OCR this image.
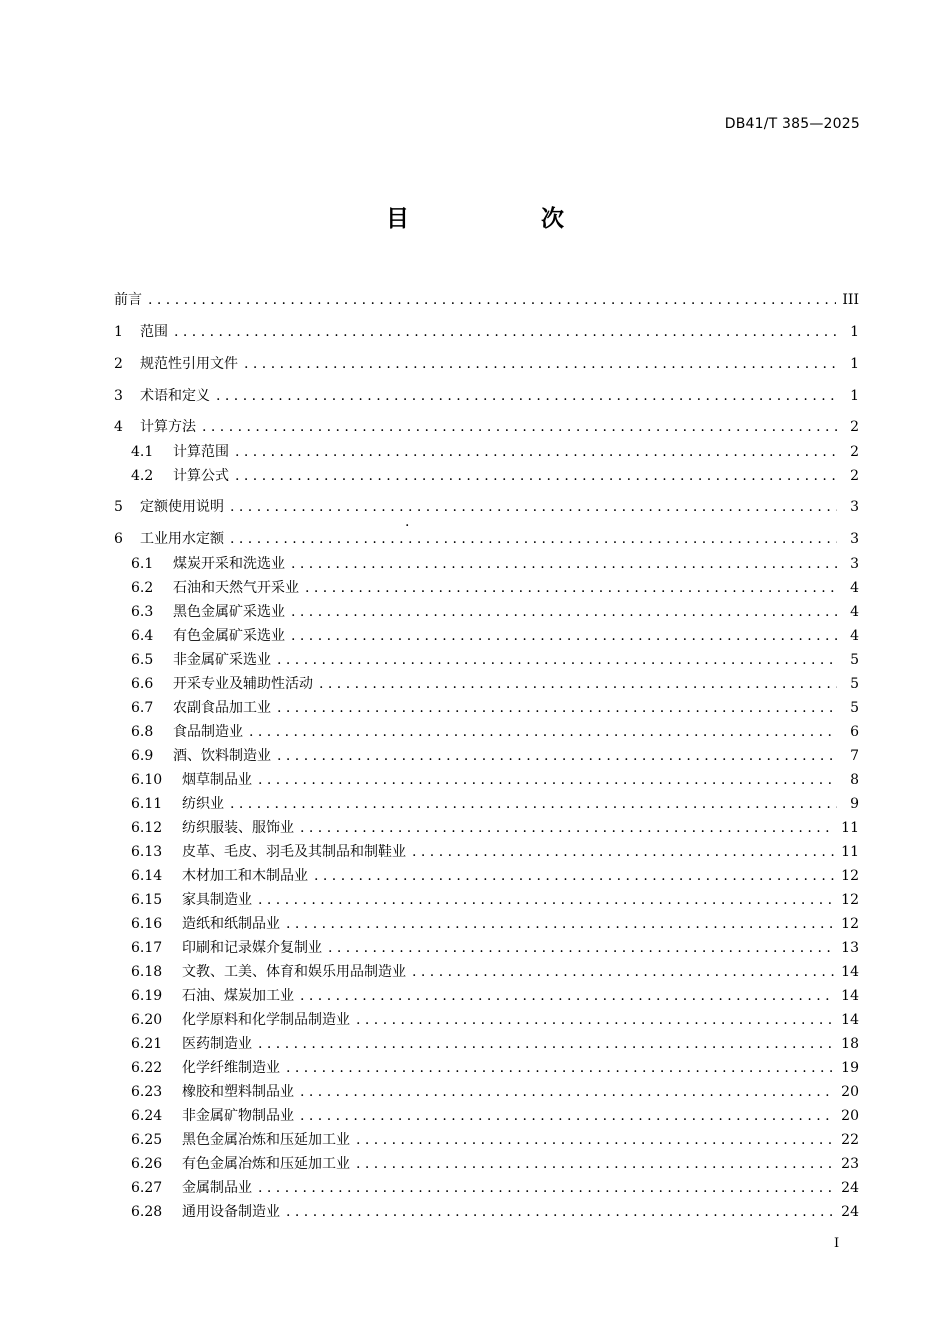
DB41/T 385—2025
目 次
前言 . . .	III
1	范围 . . .	1
2	规范性引用文件 . . .	1
3	术语和定义 . . .	1
4	计算方法 . . .	2
4.1	计算范围 . . .	2
4.2	计算公式 . . .	2
5	定额使用说明 . . .	3
6	工业用水定额 . . .	3
6.1	煤炭开采和洗选业 . . .	3
6.2	石油和天然气开采业 . . .	4
6.3	黑色金属矿采选业 . . .	4
6.4	有色金属矿采选业 . . .	4
6.5	非金属矿采选业 . . .	5
6.6	开采专业及辅助性活动 . . .	5
6.7	农副食品加工业 . . .	5
6.8	食品制造业 . . .	6
6.9	酒、饮料制造业 . . .	7
6.10	烟草制品业 . . .	8
6.11	纺织业 . . .	9
6.12	纺织服装、服饰业 . . .	11
6.13	皮革、毛皮、羽毛及其制品和制鞋业 . . .	11
6.14	木材加工和木制品业 . . .	12
6.15	家具制造业 . . .	12
6.16	造纸和纸制品业 . . .	12
6.17	印刷和记录媒介复制业 . . .	13
6.18	文教、工美、体育和娱乐用品制造业 . . .	14
6.19	石油、煤炭加工业 . . .	14
6.20	化学原料和化学制品制造业 . . .	14
6.21	医药制造业 . . .	18
6.22	化学纤维制造业 . . .	19
6.23	橡胶和塑料制品业 . . .	20
6.24	非金属矿物制品业 . . .	20
6.25	黑色金属冶炼和压延加工业 . . .	22
6.26	有色金属冶炼和压延加工业 . . .	23
6.27	金属制品业 . . .	24
6.28	通用设备制造业 . . .	24
·
I
